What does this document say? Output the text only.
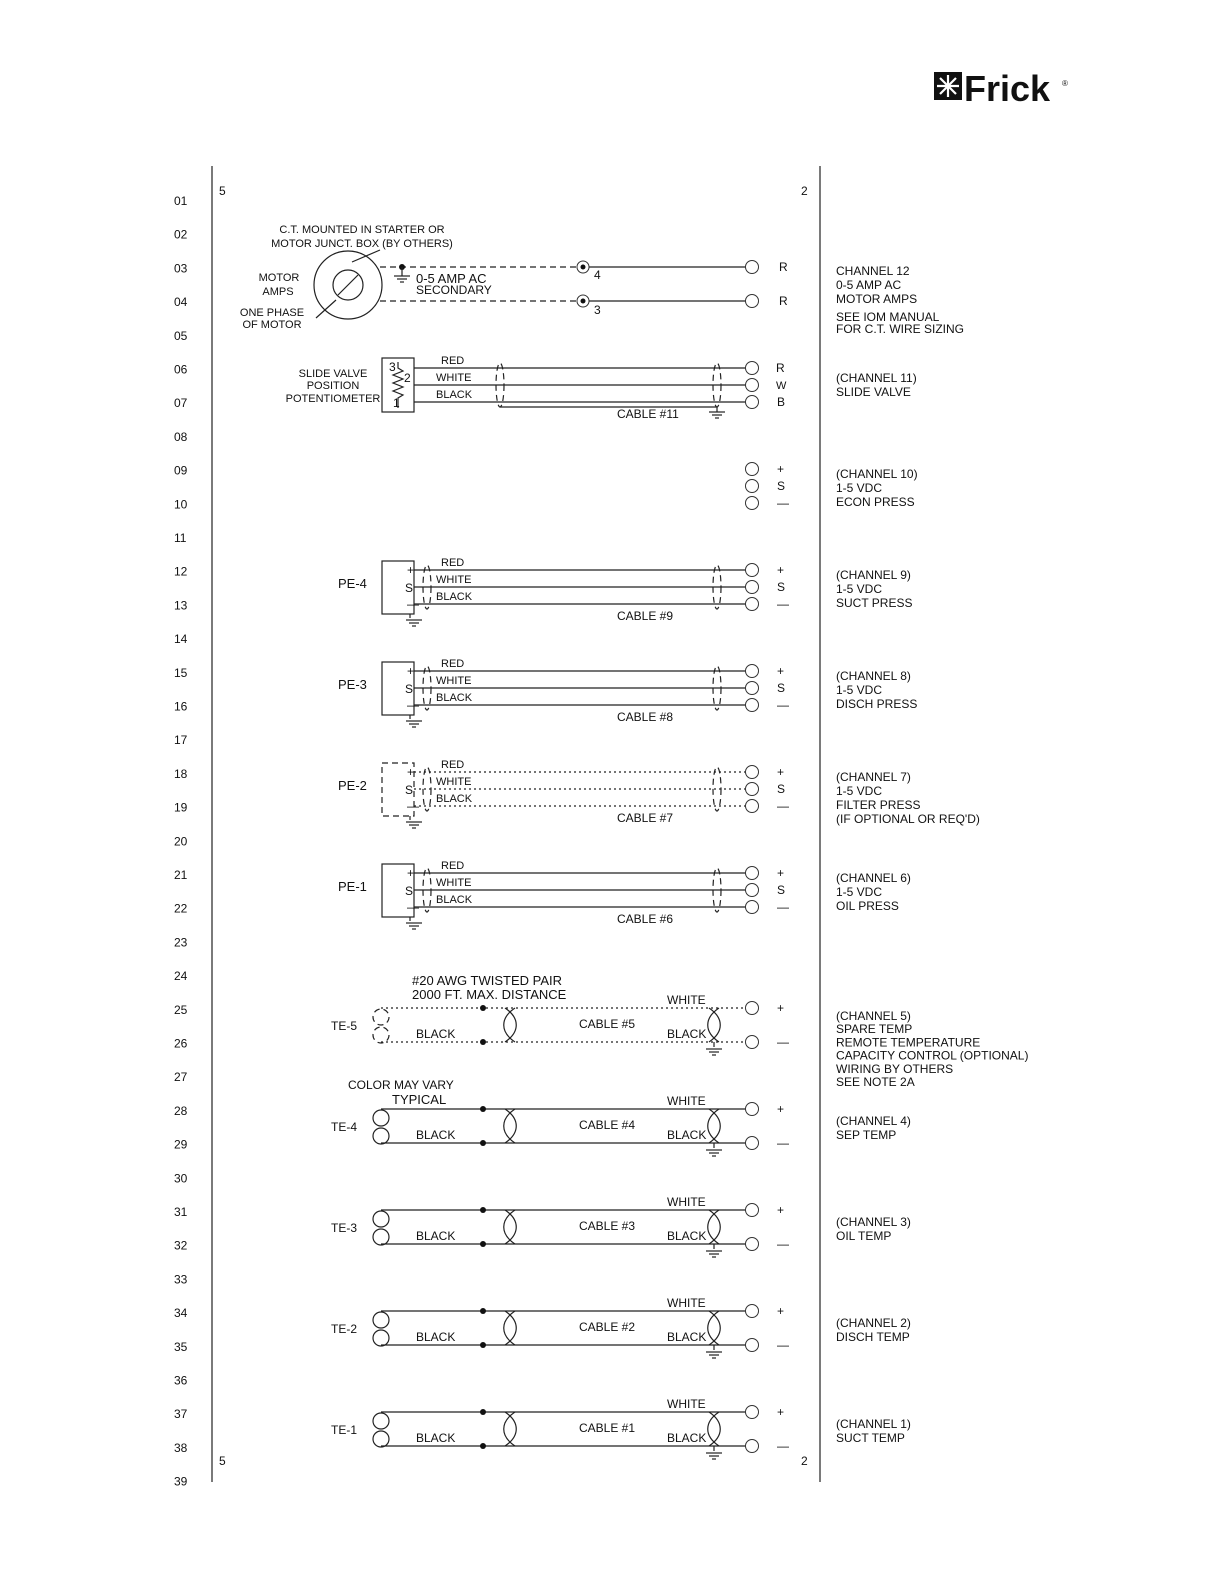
Frick ®
5	2
5	2
01
02
03
04
05
06
07
08
09
10
11
12
13
14
15
16
17
18
19
20
21
22
23
24
25
26
27
28
29
30
31
32
33
34
35
36
37
38
39
C.T. MOUNTED IN STARTER OR
MOTOR JUNCT. BOX (BY OTHERS)
MOTOR
AMPS
ONE PHASE
OF MOTOR
0-5 AMP AC
SECONDARY
4
3
R
R
CHANNEL 12
0-5 AMP AC
MOTOR AMPS
SEE IOM MANUAL
FOR C.T. WIRE SIZING
SLIDE VALVE
POSITION
POTENTIOMETER
3
2
1
RED
WHITE
BLACK
CABLE #11
R
W
B
(CHANNEL 11)
SLIDE VALVE
+
S
—
(CHANNEL 10)
1-5 VDC
ECON PRESS
PE-4
+
S
—
+
S
—
RED
WHITE
BLACK
CABLE #9
(CHANNEL 9)
1-5 VDC
SUCT PRESS
PE-3
+
S
—
+
S
—
RED
WHITE
BLACK
CABLE #8
(CHANNEL 8)
1-5 VDC
DISCH PRESS
PE-2
+
S
—
+
S
—
RED
WHITE
BLACK
CABLE #7
(CHANNEL 7)
1-5 VDC
FILTER PRESS
(IF OPTIONAL OR REQ'D)
PE-1
+
S
—
+
S
—
RED
WHITE
BLACK
CABLE #6
(CHANNEL 6)
1-5 VDC
OIL PRESS
#20 AWG TWISTED PAIR
2000 FT. MAX. DISTANCE
COLOR MAY VARY
TYPICAL
TE-5
WHITE
BLACK	BLACK
CABLE #5
+
—
(CHANNEL 5)
SPARE TEMP
REMOTE TEMPERATURE
CAPACITY CONTROL (OPTIONAL)
WIRING BY OTHERS
SEE NOTE 2A
TE-4
WHITE
BLACK	BLACK
CABLE #4
+
—
(CHANNEL 4)
SEP TEMP
TE-3
WHITE
BLACK	BLACK
CABLE #3
+
—
(CHANNEL 3)
OIL TEMP
TE-2
WHITE
BLACK	BLACK
CABLE #2
+
—
(CHANNEL 2)
DISCH TEMP
TE-1
WHITE
BLACK	BLACK
CABLE #1
+
—
(CHANNEL 1)
SUCT TEMP
